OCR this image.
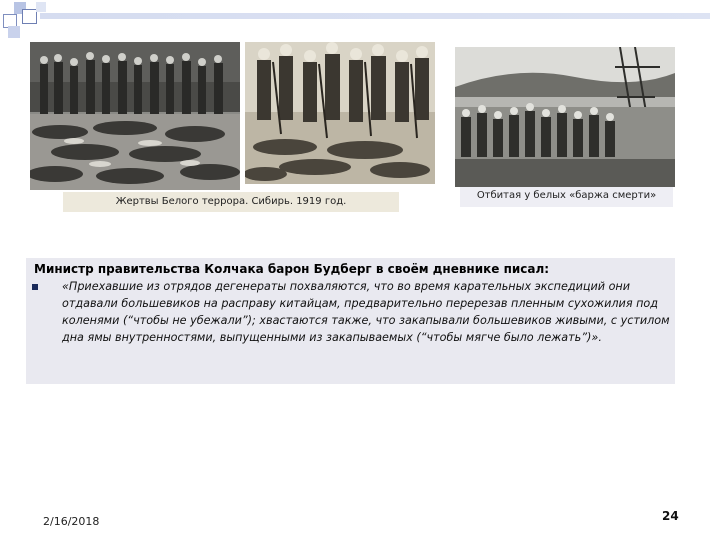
Жертвы Белого террора. Сибирь. 1919 год.
Отбитая у белых «баржа смерти»
Министр правительства Колчака барон Будберг в своём дневнике писал:
«Приехавшие из отрядов дегенераты похваляются, что во время карательных экспедиций они отдавали большевиков на расправу китайцам, предварительно перерезав пленным сухожилия под коленями (“чтобы не убежали”); хвастаются также, что закапывали большевиков живыми, с устилом дна ямы внутренностями, выпущенными из закапываемых (“чтобы мягче было лежать”)».
2/16/2018	24
